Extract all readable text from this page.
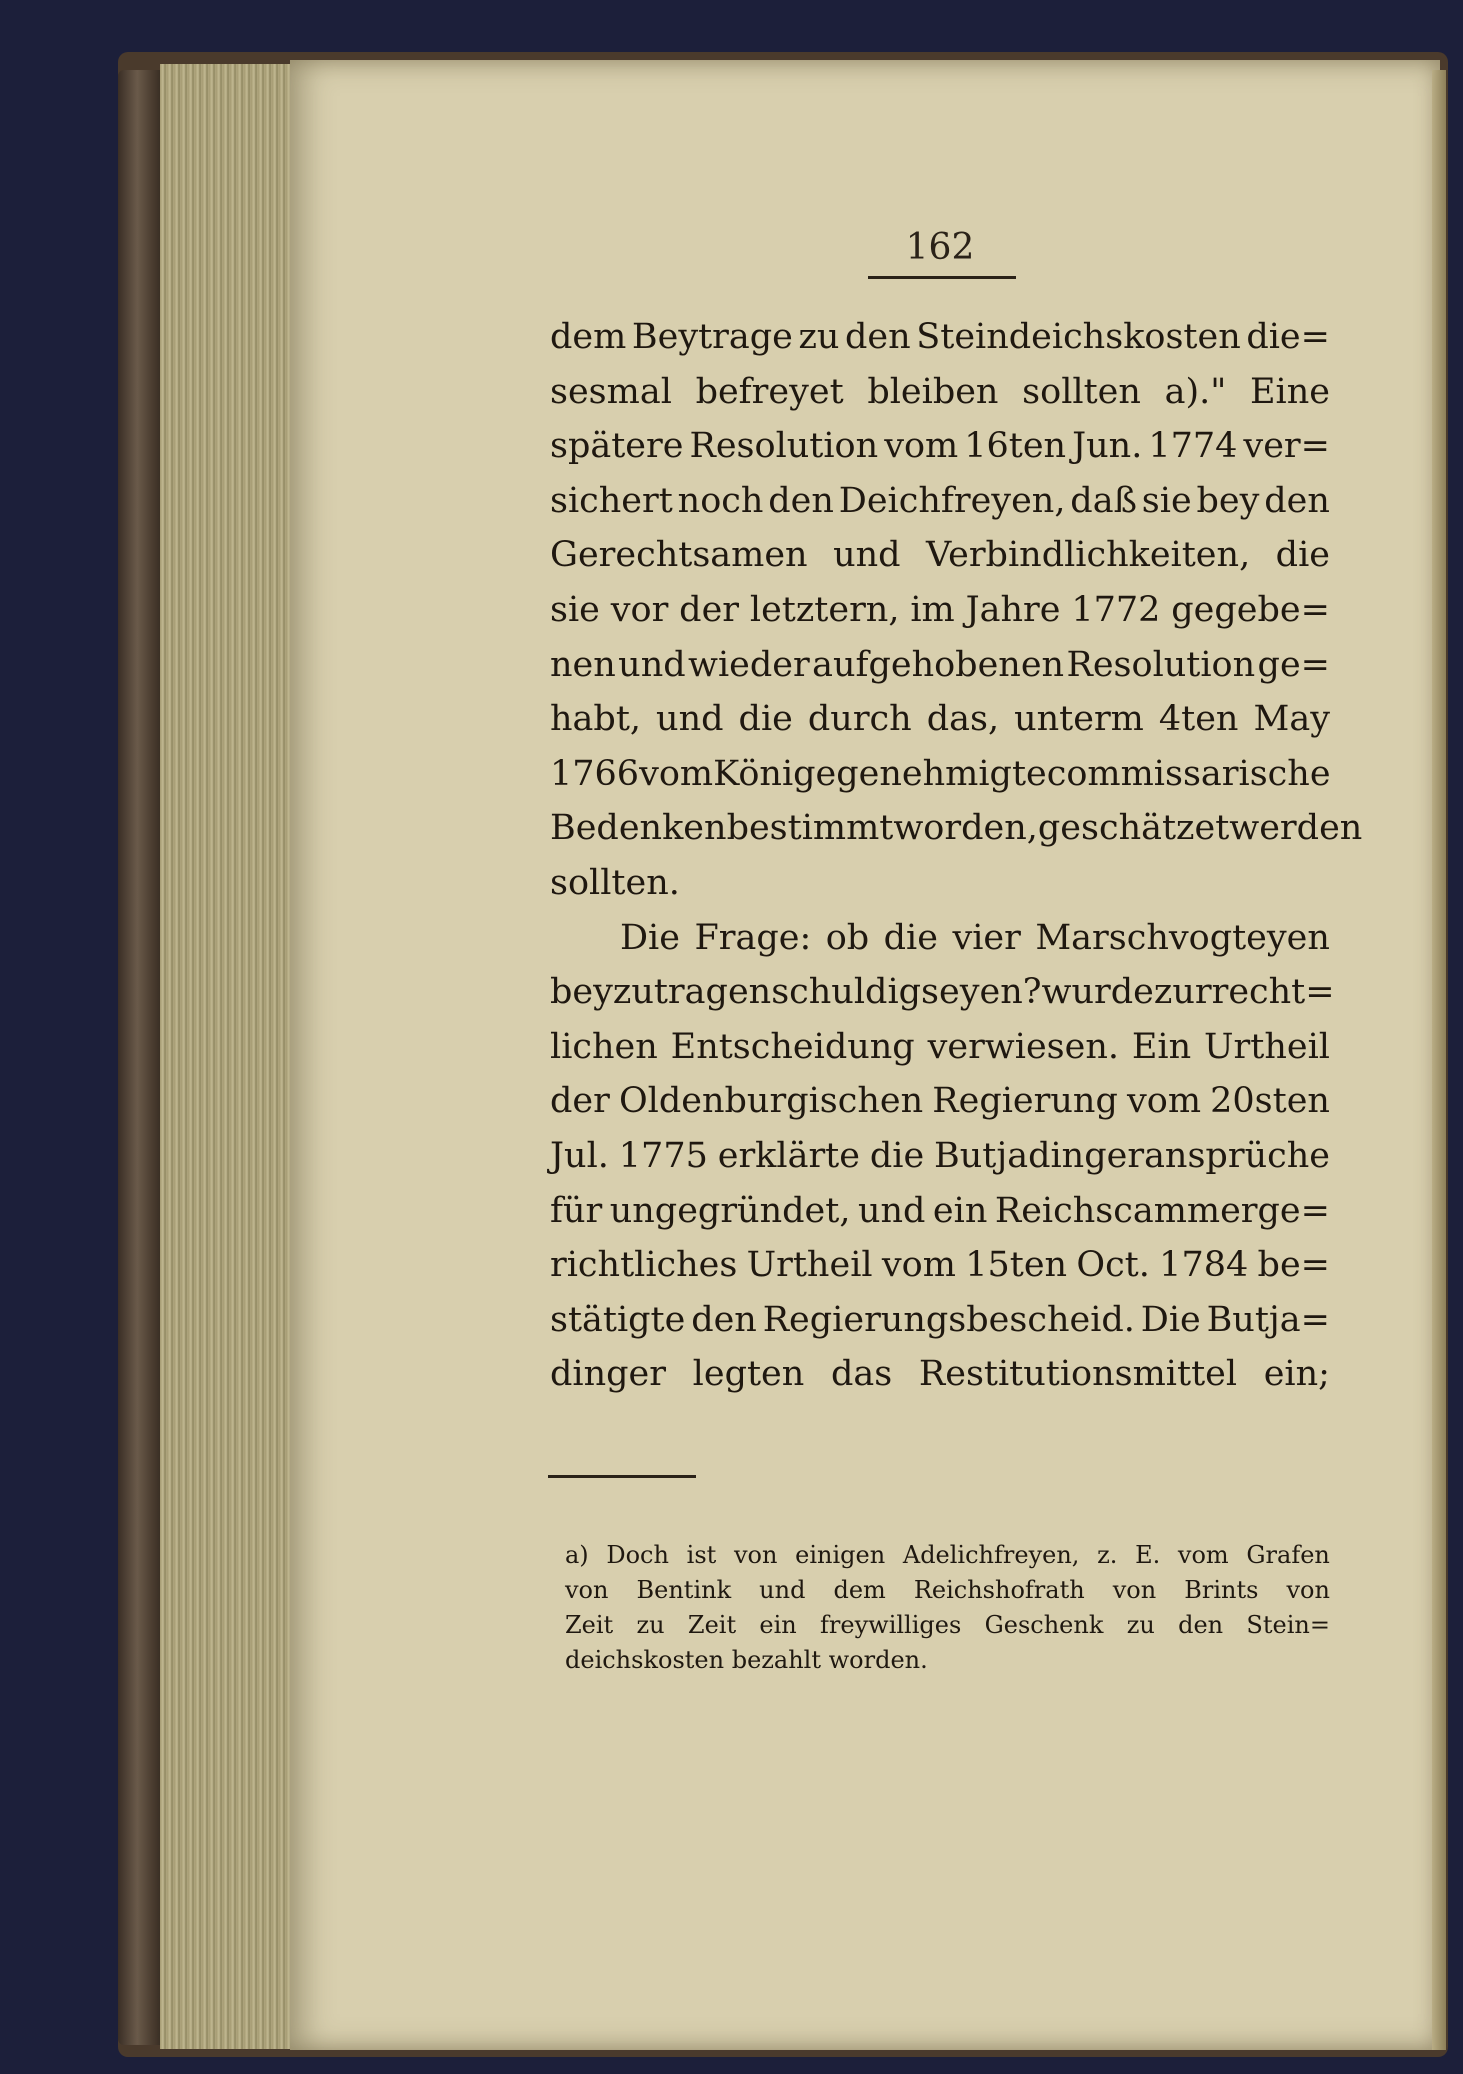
162
dem Beytrage zu den Steindeichskosten die=
sesmal befreyet bleiben sollten a)." Eine
spätere Resolution vom 16ten Jun. 1774 ver=
sichert noch den Deichfreyen, daß sie bey den
Gerechtsamen und Verbindlichkeiten, die
sie vor der letztern, im Jahre 1772 gegebe=
nen und wieder aufgehobenen Resolution ge=
habt, und die durch das, unterm 4ten May
1766 vom Könige genehmigte commissarische
Bedenken bestimmt worden, geschätzet werden
sollten.
Die Frage: ob die vier Marschvogteyen
beyzutragen schuldig seyen? wurde zur recht=
lichen Entscheidung verwiesen. Ein Urtheil
der Oldenburgischen Regierung vom 20sten
Jul. 1775 erklärte die Butjadingeransprüche
für ungegründet, und ein Reichscammerge=
richtliches Urtheil vom 15ten Oct. 1784 be=
stätigte den Regierungsbescheid. Die Butja=
dinger legten das Restitutionsmittel ein;
a) Doch ist von einigen Adelichfreyen, z. E. vom Grafen
von Bentink und dem Reichshofrath von Brints von
Zeit zu Zeit ein freywilliges Geschenk zu den Stein=
deichskosten bezahlt worden.
